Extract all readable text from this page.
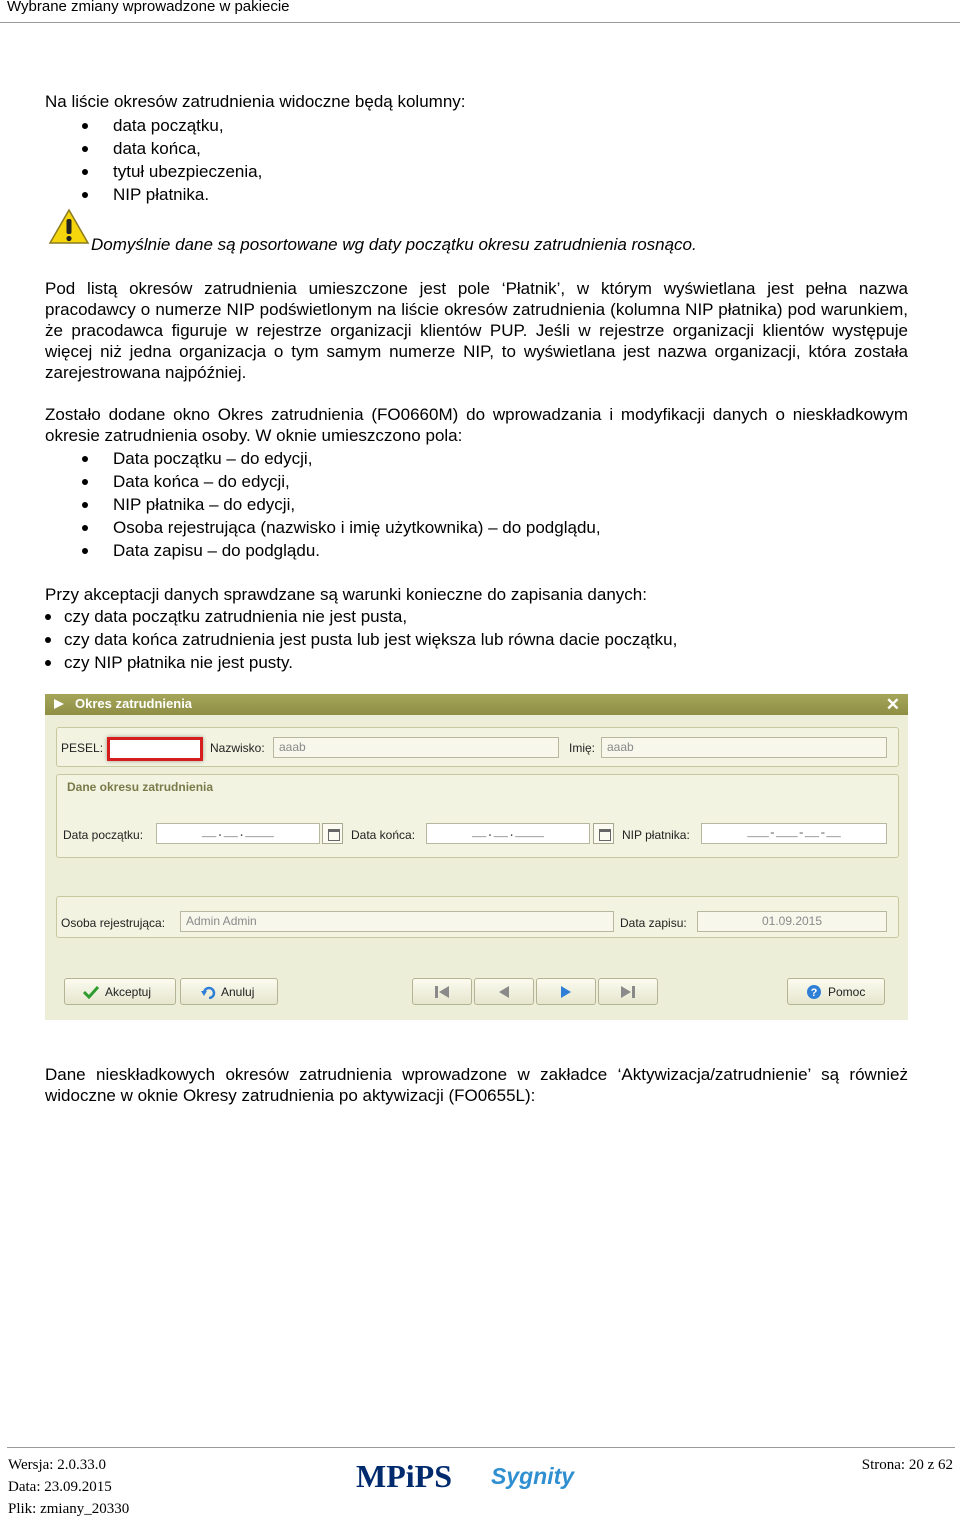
Wybrane zmiany wprowadzone w pakiecie

Na liście okresów zatrudnienia widoczne będą kolumny:

data początku,
data końca,
tytuł ubezpieczenia,
NIP płatnika.
Domyślnie dane są posortowane wg daty początku okresu zatrudnienia rosnąco.

Pod listą okresów zatrudnienia umieszczone jest pole ‘Płatnik’, w którym wyświetlana jest pełna nazwa pracodawcy o numerze NIP podświetlonym na liście okresów zatrudnienia (kolumna NIP płatnika) pod warunkiem, że pracodawca figuruje w rejestrze organizacji klientów PUP. Jeśli w rejestrze organizacji klientów występuje więcej niż jedna organizacja o tym samym numerze NIP, to wyświetlana jest nazwa organizacji, która została zarejestrowana najpóźniej.

Zostało dodane okno Okres zatrudnienia (FO0660M) do wprowadzania i modyfikacji danych o nieskładkowym okresie zatrudnienia osoby. W oknie umieszczono pola:

Data początku – do edycji,
Data końca – do edycji,
NIP płatnika – do edycji,
Osoba rejestrująca (nazwisko i imię użytkownika) – do podglądu,
Data zapisu – do podglądu.

Przy akceptacji danych sprawdzane są warunki konieczne do zapisania danych:

czy data początku zatrudnienia nie jest pusta,
czy data końca zatrudnienia jest pusta lub jest większa lub równa dacie początku,
czy NIP płatnika nie jest pusty.
Okres zatrudnienia	✕
PESEL:	Nazwisko:	aaab	Imię: aaab
Dane okresu zatrudnienia
Data początku:	__.__.____	Data końca:	__.__.____	NIP płatnika:	___-___-__-__
Osoba rejestrująca:	Admin Admin	Data zapisu:	01.09.2015
Akceptuj	Anuluj	? Pomoc

Dane nieskładkowych okresów zatrudnienia wprowadzone w zakładce ‘Aktywizacja/zatrudnienie’ są również widoczne w oknie Okresy zatrudnienia po aktywizacji (FO0655L):

Wersja: 2.0.33.0
Data: 23.09.2015
Plik: zmiany_20330
MPiPS Sygnity	Strona: 20 z 62
